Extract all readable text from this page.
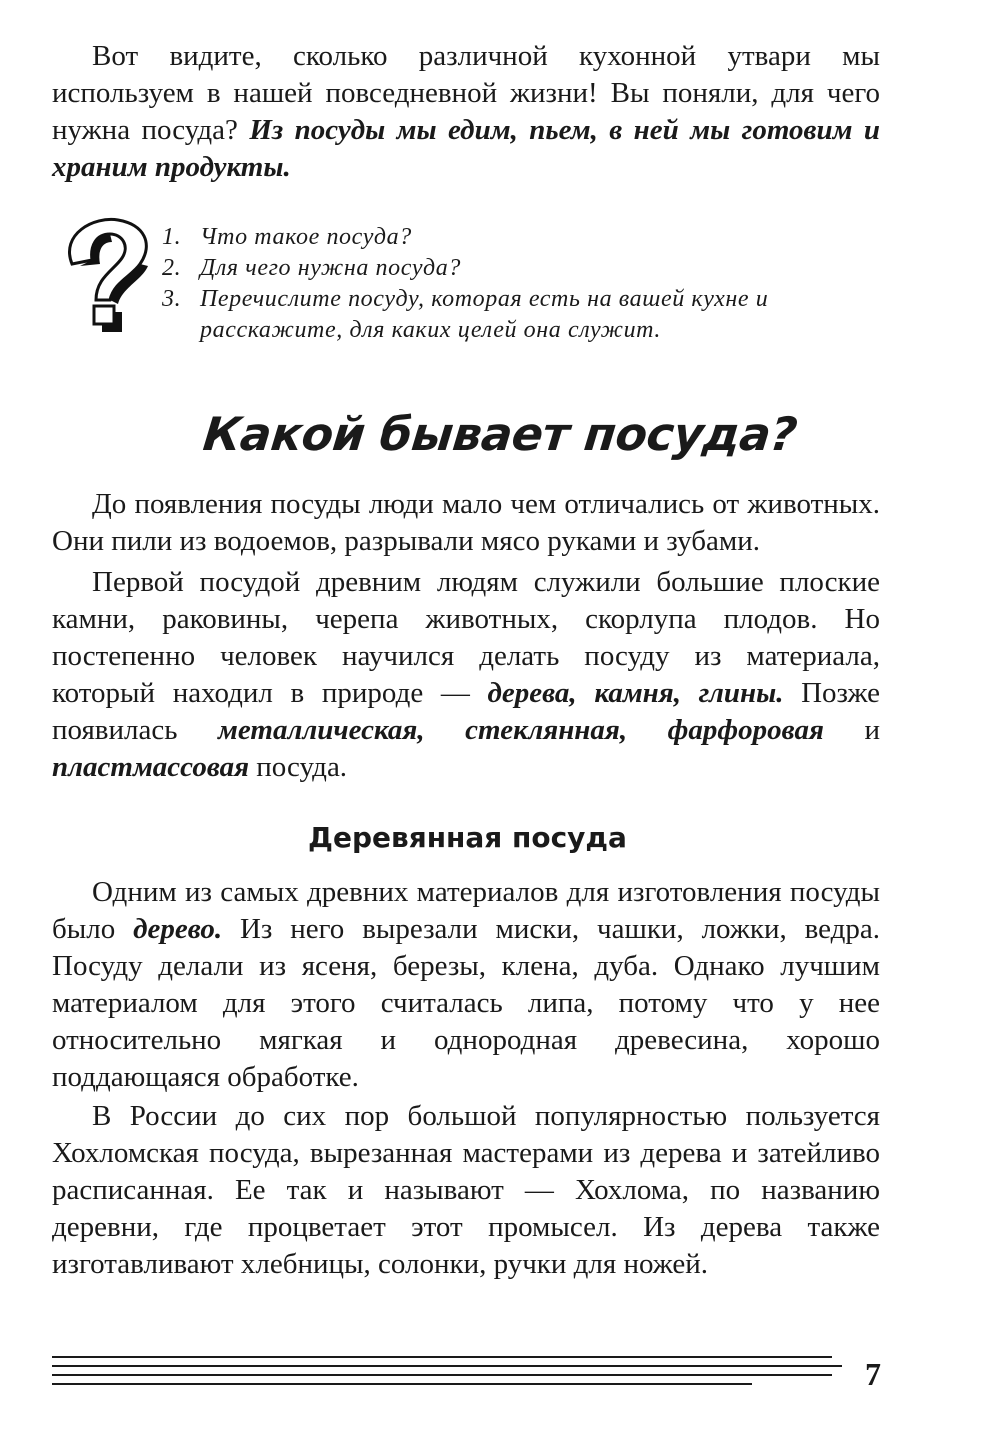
Вот видите, сколько различной кухонной утвари мы используем в нашей повседневной жизни! Вы поняли, для чего нужна посуда? Из посуды мы едим, пьем, в ней мы готовим и храним продукты.

1. Что такое посуда?
2. Для чего нужна посуда?
3. Перечислите посуду, которая есть на вашей кухне и расскажите, для каких целей она служит.
Какой бывает посуда?

До появления посуды люди мало чем отличались от животных. Они пили из водоемов, разрывали мясо руками и зубами.

Первой посудой древним людям служили большие плоские камни, раковины, черепа животных, скорлупа плодов. Но постепенно человек научился делать посуду из материала, который находил в природе — дерева, камня, глины. Позже появилась металлическая, стеклянная, фарфоровая и пластмассовая посуда.

Деревянная посуда

Одним из самых древних материалов для изготовления посуды было дерево. Из него вырезали миски, чашки, ложки, ведра. Посуду делали из ясеня, березы, клена, дуба. Однако лучшим материалом для этого считалась липа, потому что у нее относительно мягкая и однородная древесина, хорошо поддающаяся обработке.

В России до сих пор большой популярностью пользуется Хохломская посуда, вырезанная мастерами из дерева и затейливо расписанная. Ее так и называют — Хохлома, по названию деревни, где процветает этот промысел. Из дерева также изготавливают хлебницы, солонки, ручки для ножей.

7
